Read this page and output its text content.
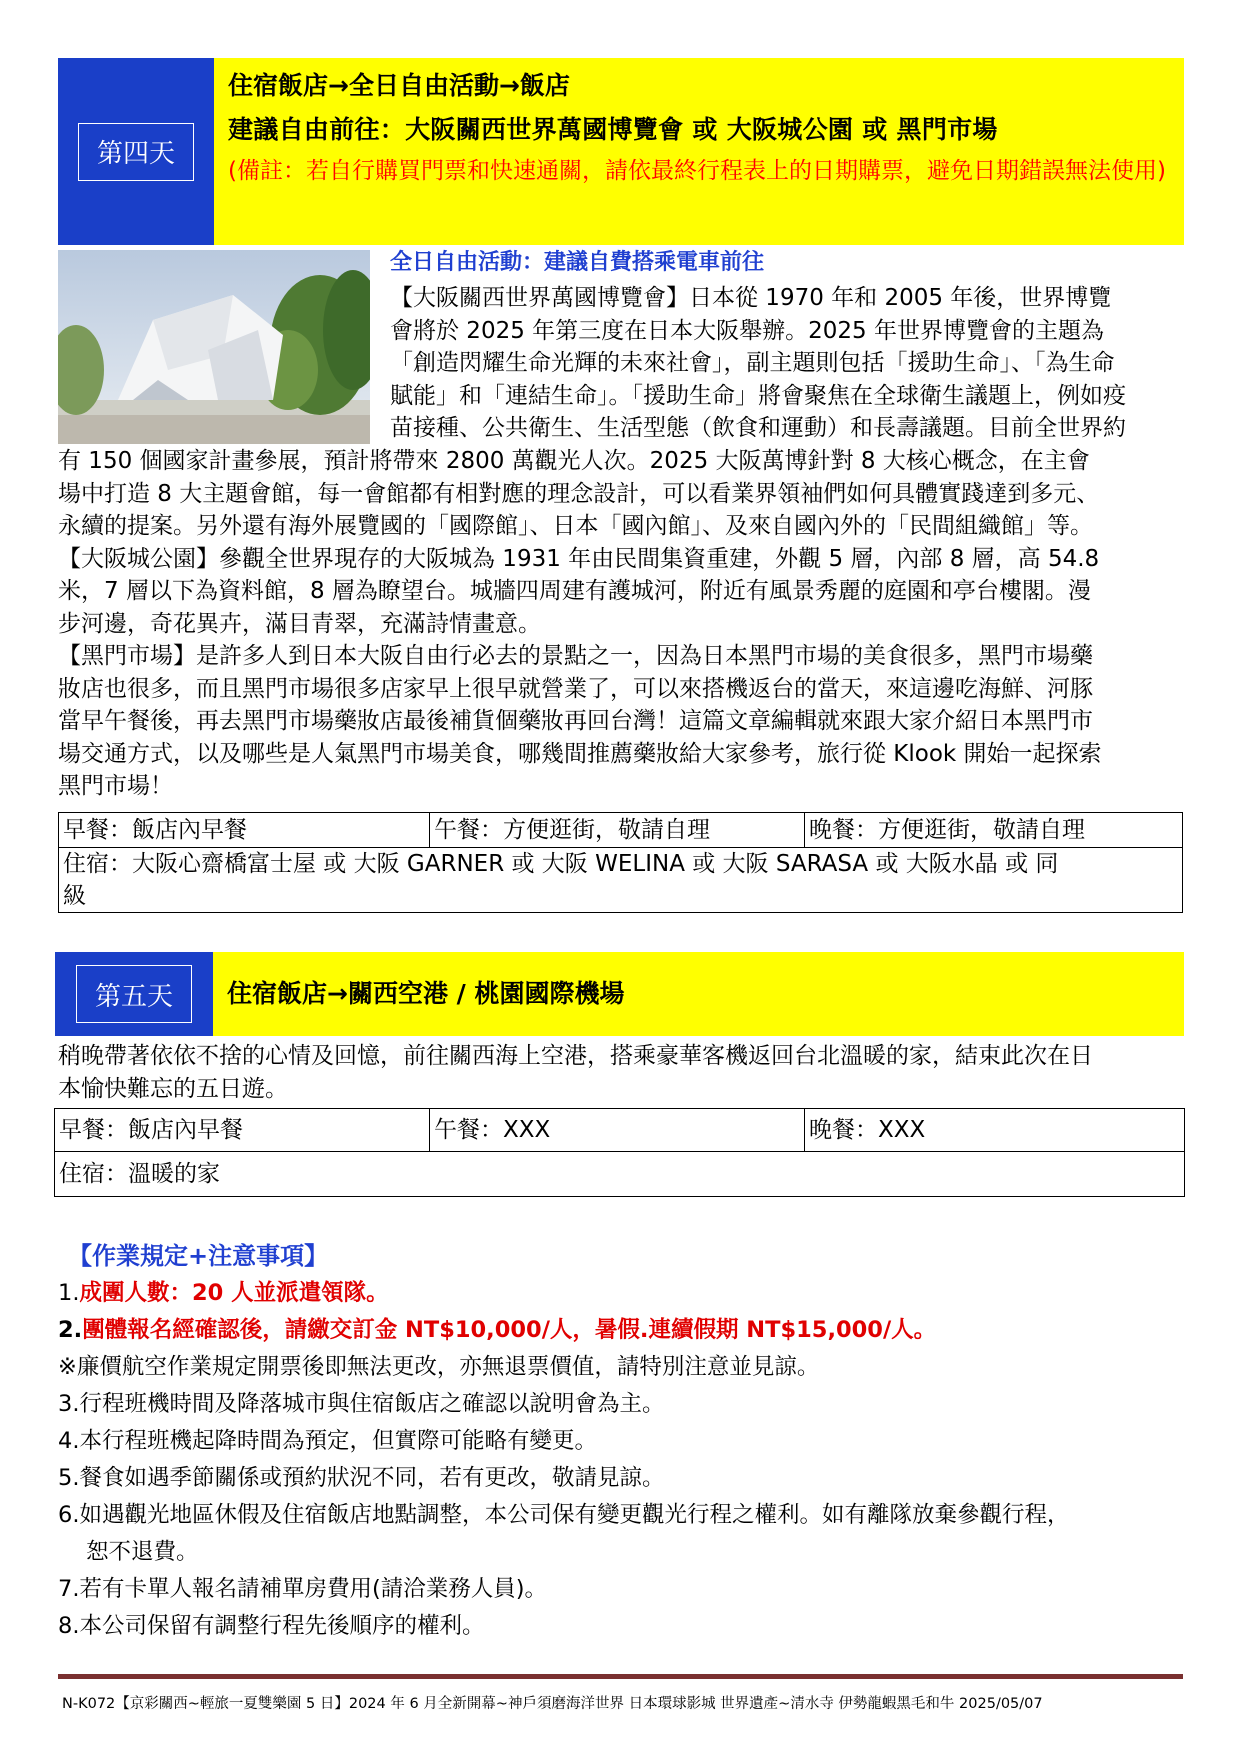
第四天
住宿飯店→全日自由活動→飯店
建議自由前往：大阪關西世界萬國博覽會 或 大阪城公園 或 黑門市場
(備註：若自行購買門票和快速通關，請依最終行程表上的日期購票，避免日期錯誤無法使用)
全日自由活動：建議自費搭乘電車前往
【大阪關西世界萬國博覽會】日本從 1970 年和 2005 年後，世界博覽
會將於 2025 年第三度在日本大阪舉辦。2025 年世界博覽會的主題為
「創造閃耀生命光輝的未來社會」，副主題則包括「援助生命」、「為生命
賦能」和「連結生命」。「援助生命」將會聚焦在全球衛生議題上，例如疫
苗接種、公共衛生、生活型態（飲食和運動）和長壽議題。目前全世界約
有 150 個國家計畫參展，預計將帶來 2800 萬觀光人次。2025 大阪萬博針對 8 大核心概念，在主會
場中打造 8 大主題會館，每一會館都有相對應的理念設計，可以看業界領袖們如何具體實踐達到多元、
永續的提案。另外還有海外展覽國的「國際館」、日本「國內館」、及來自國內外的「民間組織館」等。
【大阪城公園】參觀全世界現存的大阪城為 1931 年由民間集資重建，外觀 5 層，內部 8 層，高 54.8
米，7 層以下為資料館，8 層為瞭望台。城牆四周建有護城河，附近有風景秀麗的庭園和亭台樓閣。漫
步河邊，奇花異卉，滿目青翠，充滿詩情畫意。
【黑門市場】是許多人到日本大阪自由行必去的景點之一，因為日本黑門市場的美食很多，黑門市場藥
妝店也很多，而且黑門市場很多店家早上很早就營業了，可以來搭機返台的當天，來這邊吃海鮮、河豚
當早午餐後，再去黑門市場藥妝店最後補貨個藥妝再回台灣！這篇文章編輯就來跟大家介紹日本黑門市
場交通方式，以及哪些是人氣黑門市場美食，哪幾間推薦藥妝給大家參考，旅行從 Klook 開始一起探索
黑門市場！
早餐：飯店內早餐	午餐：方便逛街，敬請自理	晚餐：方便逛街，敬請自理

住宿：大阪心齋橋富士屋 或 大阪 GARNER 或 大阪 WELINA 或 大阪 SARASA 或 大阪水晶 或 同
級
第五天	住宿飯店→關西空港 / 桃園國際機場
稍晚帶著依依不捨的心情及回憶，前往關西海上空港，搭乘豪華客機返回台北溫暖的家，結束此次在日
本愉快難忘的五日遊。
早餐：飯店內早餐	午餐：XXX	晚餐：XXX
住宿：溫暖的家
【作業規定+注意事項】
1.成團人數：20 人並派遣領隊。
2.團體報名經確認後，請繳交訂金 NT$10,000/人，暑假.連續假期 NT$15,000/人。
※廉價航空作業規定開票後即無法更改，亦無退票價值，請特別注意並見諒。
3.行程班機時間及降落城市與住宿飯店之確認以說明會為主。
4.本行程班機起降時間為預定，但實際可能略有變更。
5.餐食如遇季節關係或預約狀況不同，若有更改，敬請見諒。
6.如遇觀光地區休假及住宿飯店地點調整，本公司保有變更觀光行程之權利。如有離隊放棄參觀行程，
恕不退費。
7.若有卡單人報名請補單房費用(請洽業務人員)。
8.本公司保留有調整行程先後順序的權利。
N-K072【京彩關西~輕旅一夏雙樂園 5 日】2024 年 6 月全新開幕~神戶須磨海洋世界 日本環球影城 世界遺產~清水寺 伊勢龍蝦黑毛和牛 2025/05/07
